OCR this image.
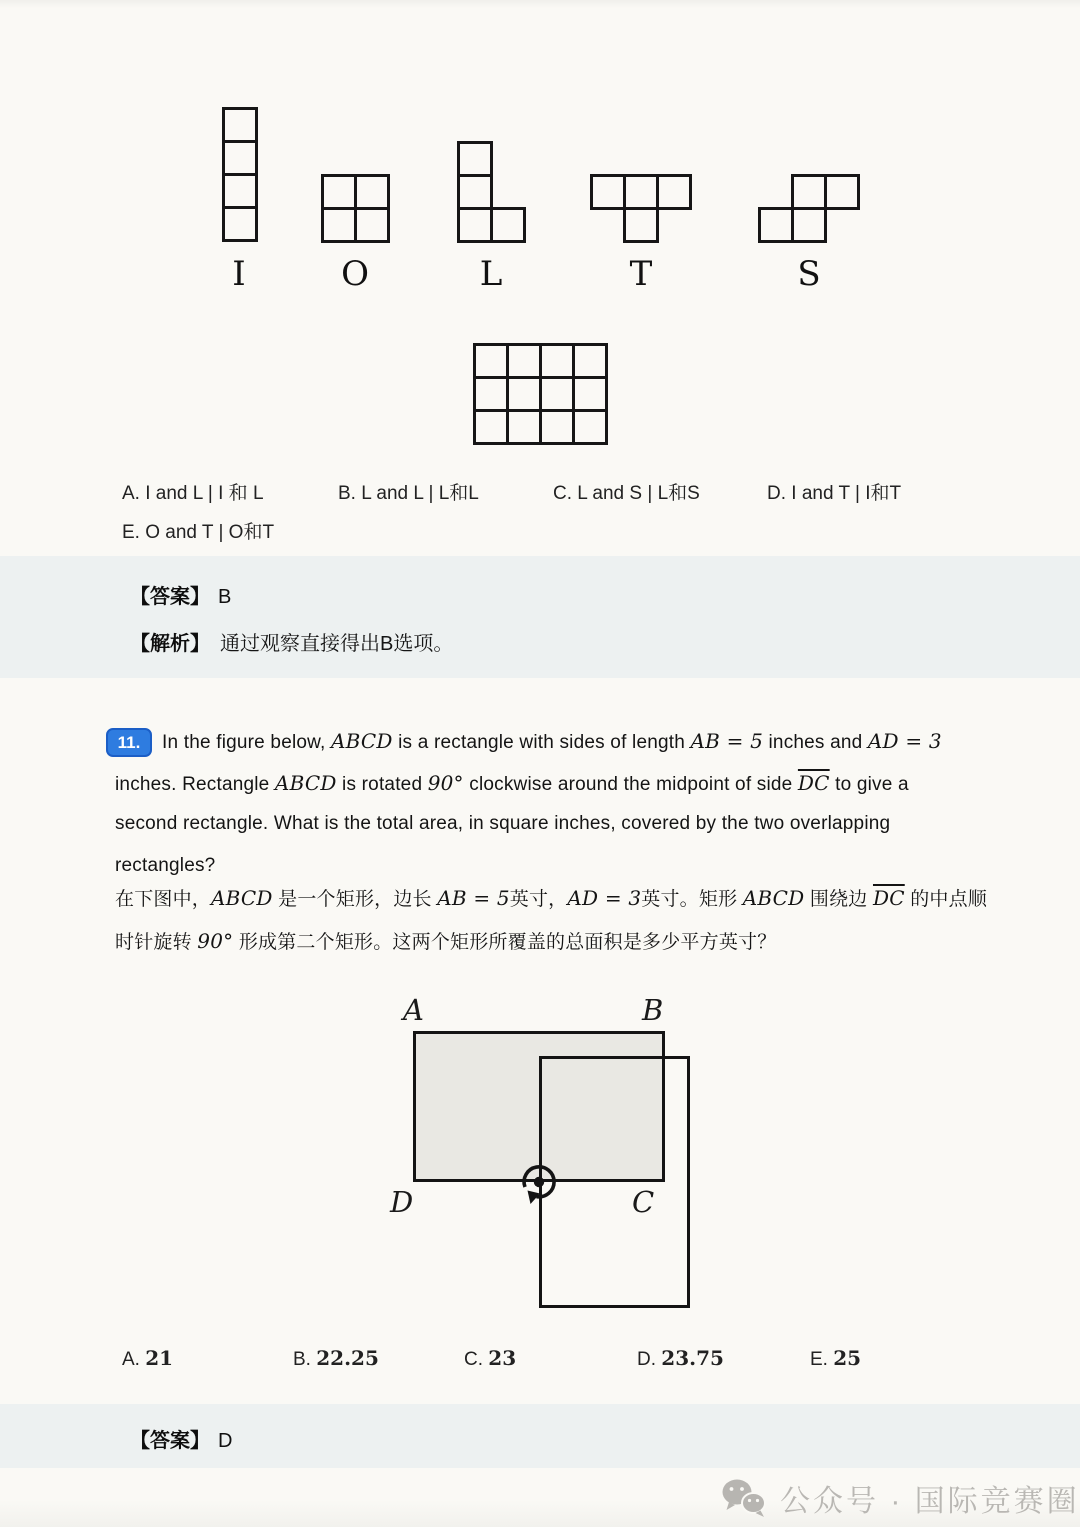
I	O	L	T	S
A. I and L | I 和 L	B. L and L | L和L	C. L and S | L和S	D. I and T | I和T
E. O and T | O和T
【答案】 B
【解析】 通过观察直接得出B选项。
11.	In the figure below, ABCD is a rectangle with sides of length AB = 5 inches and AD = 3
inches. Rectangle ABCD is rotated 90° clockwise around the midpoint of side $\overline{DC}$ to give a
second rectangle. What is the total area, in square inches, covered by the two overlapping
rectangles?
在下图中，ABCD 是一个矩形，边长 AB = 5英寸，AD = 3英寸。矩形 ABCD 围绕边 $\overline{DC}$ 的中点顺
时针旋转 90° 形成第二个矩形。这两个矩形所覆盖的总面积是多少平方英寸？
A	B
D	C
A. 21	B. 22.25	C. 23	D. 23.75	E. 25
【答案】 D
公众号 · 国际竞赛圈
